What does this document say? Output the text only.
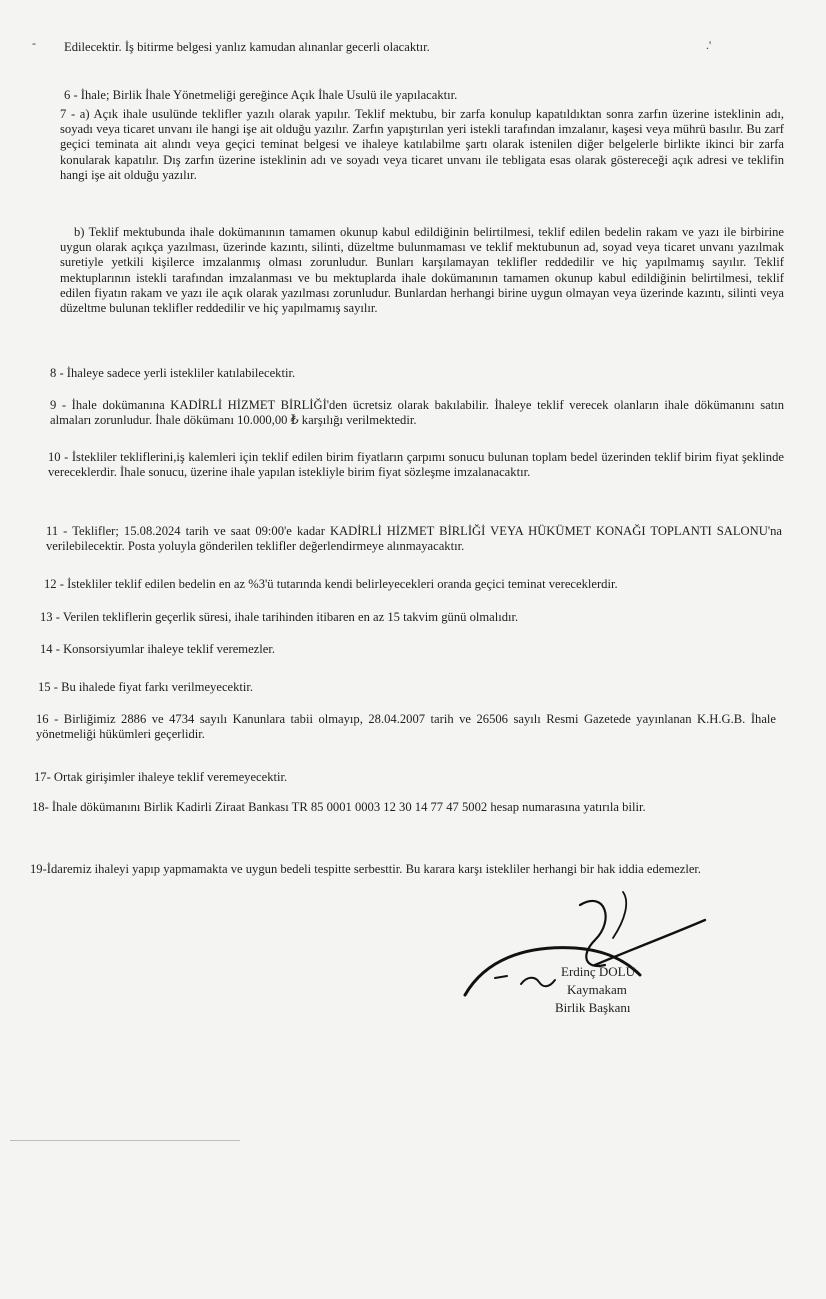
‑	.'
Edilecektir. İş bitirme belgesi yanlız kamudan alınanlar gecerli olacaktır.
6 - İhale; Birlik İhale Yönetmeliği gereğince Açık İhale Usulü ile yapılacaktır.
7 - a) Açık ihale usulünde teklifler yazılı olarak yapılır. Teklif mektubu, bir zarfa konulup kapatıldıktan sonra zarfın üzerine isteklinin adı, soyadı veya ticaret unvanı ile hangi işe ait olduğu yazılır. Zarfın yapıştırılan yeri istekli tarafından imzalanır, kaşesi veya mührü basılır. Bu zarf geçici teminata ait alındı veya geçici teminat belgesi ve ihaleye katılabilme şartı olarak istenilen diğer belgelerle birlikte ikinci bir zarfa konularak kapatılır. Dış zarfın üzerine isteklinin adı ve soyadı veya ticaret unvanı ile tebligata esas olarak göstereceği açık adresi ve teklifin hangi işe ait olduğu yazılır.
b) Teklif mektubunda ihale dokümanının tamamen okunup kabul edildiğinin belirtilmesi, teklif edilen bedelin rakam ve yazı ile birbirine uygun olarak açıkça yazılması, üzerinde kazıntı, silinti, düzeltme bulunmaması ve teklif mektubunun ad, soyad veya ticaret unvanı yazılmak suretiyle yetkili kişilerce imzalanmış olması zorunludur. Bunları karşılamayan teklifler reddedilir ve hiç yapılmamış sayılır. Teklif mektuplarının istekli tarafından imzalanması ve bu mektuplarda ihale dokümanının tamamen okunup kabul edildiğinin belirtilmesi, teklif edilen fiyatın rakam ve yazı ile açık olarak yazılması zorunludur. Bunlardan herhangi birine uygun olmayan veya üzerinde kazıntı, silinti veya düzeltme bulunan teklifler reddedilir ve hiç yapılmamış sayılır.
8 - İhaleye sadece yerli istekliler katılabilecektir.
9 - İhale dokümanına KADİRLİ HİZMET BİRLİĞİ'den ücretsiz olarak bakılabilir. İhaleye teklif verecek olanların ihale dökümanını satın almaları zorunludur. İhale dökümanı 10.000,00 ₺ karşılığı verilmektedir.
10 - İstekliler tekliflerini,iş kalemleri için teklif edilen birim fiyatların çarpımı sonucu bulunan toplam bedel üzerinden teklif birim fiyat şeklinde vereceklerdir. İhale sonucu, üzerine ihale yapılan istekliyle birim fiyat sözleşme imzalanacaktır.
11 - Teklifler; 15.08.2024 tarih ve saat 09:00'e kadar KADİRLİ HİZMET BİRLİĞİ VEYA HÜKÜMET KONAĞI TOPLANTI SALONU'na verilebilecektir. Posta yoluyla gönderilen teklifler değerlendirmeye alınmayacaktır.
12 - İstekliler teklif edilen bedelin en az %3'ü tutarında kendi belirleyecekleri oranda geçici teminat vereceklerdir.
13 - Verilen tekliflerin geçerlik süresi, ihale tarihinden itibaren en az 15 takvim günü olmalıdır.
14 - Konsorsiyumlar ihaleye teklif veremezler.
15 - Bu ihalede fiyat farkı verilmeyecektir.
16 - Birliğimiz 2886 ve 4734 sayılı Kanunlara tabii olmayıp, 28.04.2007 tarih ve 26506 sayılı Resmi Gazetede yayınlanan K.H.G.B. İhale yönetmeliği hükümleri geçerlidir.
17- Ortak girişimler ihaleye teklif veremeyecektir.
18- İhale dökümanını Birlik Kadirli Ziraat Bankası TR 85 0001 0003 12 30 14 77 47 5002 hesap numarasına yatırıla bilir.
19-İdaremiz ihaleyi yapıp yapmamakta ve uygun bedeli tespitte serbesttir. Bu karara karşı istekliler herhangi bir hak iddia edemezler.
Erdinç DOLU
Kaymakam
Birlik Başkanı
